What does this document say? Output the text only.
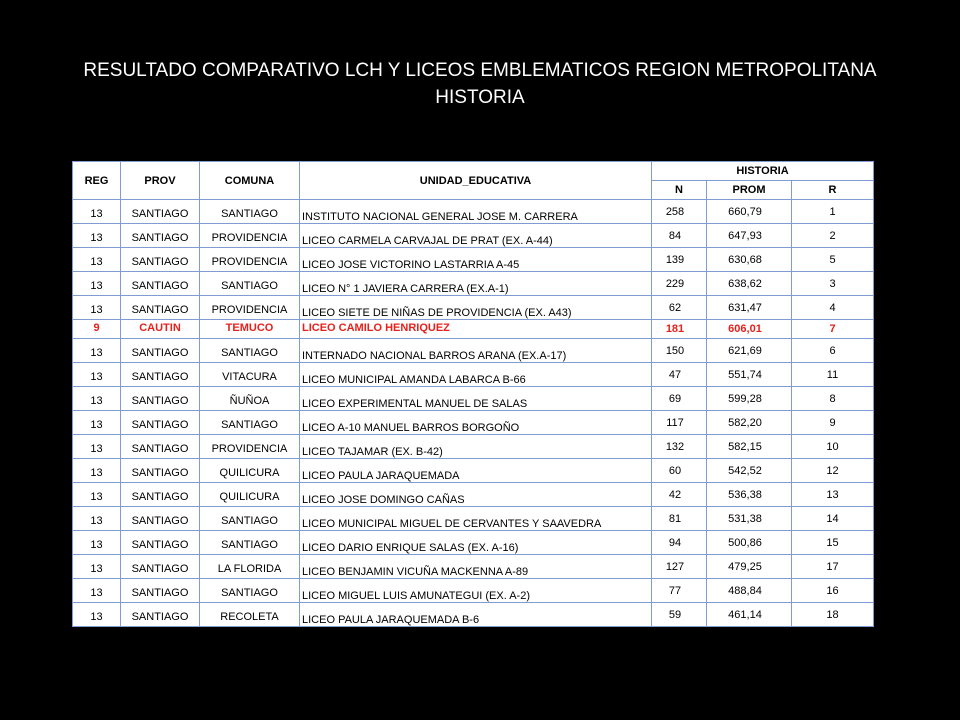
RESULTADO COMPARATIVO LCH Y LICEOS EMBLEMATICOS REGION METROPOLITANA
HISTORIA
REG	PROV	COMUNA	UNIDAD_EDUCATIVA	HISTORIA		
				N	PROM	R
13	SANTIAGO	SANTIAGO	INSTITUTO NACIONAL GENERAL JOSE M. CARRERA	258	660,79	1
13	SANTIAGO	PROVIDENCIA	LICEO CARMELA CARVAJAL DE PRAT (EX. A-44)	84	647,93	2
13	SANTIAGO	PROVIDENCIA	LICEO JOSE VICTORINO LASTARRIA A-45	139	630,68	5
13	SANTIAGO	SANTIAGO	LICEO N° 1 JAVIERA CARRERA (EX.A-1)	229	638,62	3
13	SANTIAGO	PROVIDENCIA	LICEO SIETE DE NIÑAS DE PROVIDENCIA (EX. A43)	62	631,47	4
9	CAUTIN	TEMUCO	LICEO CAMILO HENRIQUEZ	181	606,01	7
13	SANTIAGO	SANTIAGO	INTERNADO NACIONAL BARROS ARANA (EX.A-17)	150	621,69	6
13	SANTIAGO	VITACURA	LICEO MUNICIPAL AMANDA LABARCA B-66	47	551,74	11
13	SANTIAGO	ÑUÑOA	LICEO EXPERIMENTAL MANUEL DE SALAS	69	599,28	8
13	SANTIAGO	SANTIAGO	LICEO A-10 MANUEL BARROS BORGOÑO	117	582,20	9
13	SANTIAGO	PROVIDENCIA	LICEO TAJAMAR (EX. B-42)	132	582,15	10
13	SANTIAGO	QUILICURA	LICEO PAULA JARAQUEMADA	60	542,52	12
13	SANTIAGO	QUILICURA	LICEO JOSE DOMINGO CAÑAS	42	536,38	13
13	SANTIAGO	SANTIAGO	LICEO MUNICIPAL MIGUEL DE CERVANTES Y SAAVEDRA	81	531,38	14
13	SANTIAGO	SANTIAGO	LICEO DARIO ENRIQUE SALAS (EX. A-16)	94	500,86	15
13	SANTIAGO	LA FLORIDA	LICEO BENJAMIN VICUÑA MACKENNA A-89	127	479,25	17
13	SANTIAGO	SANTIAGO	LICEO MIGUEL LUIS AMUNATEGUI (EX. A-2)	77	488,84	16
13	SANTIAGO	RECOLETA	LICEO PAULA JARAQUEMADA B-6	59	461,14	18
